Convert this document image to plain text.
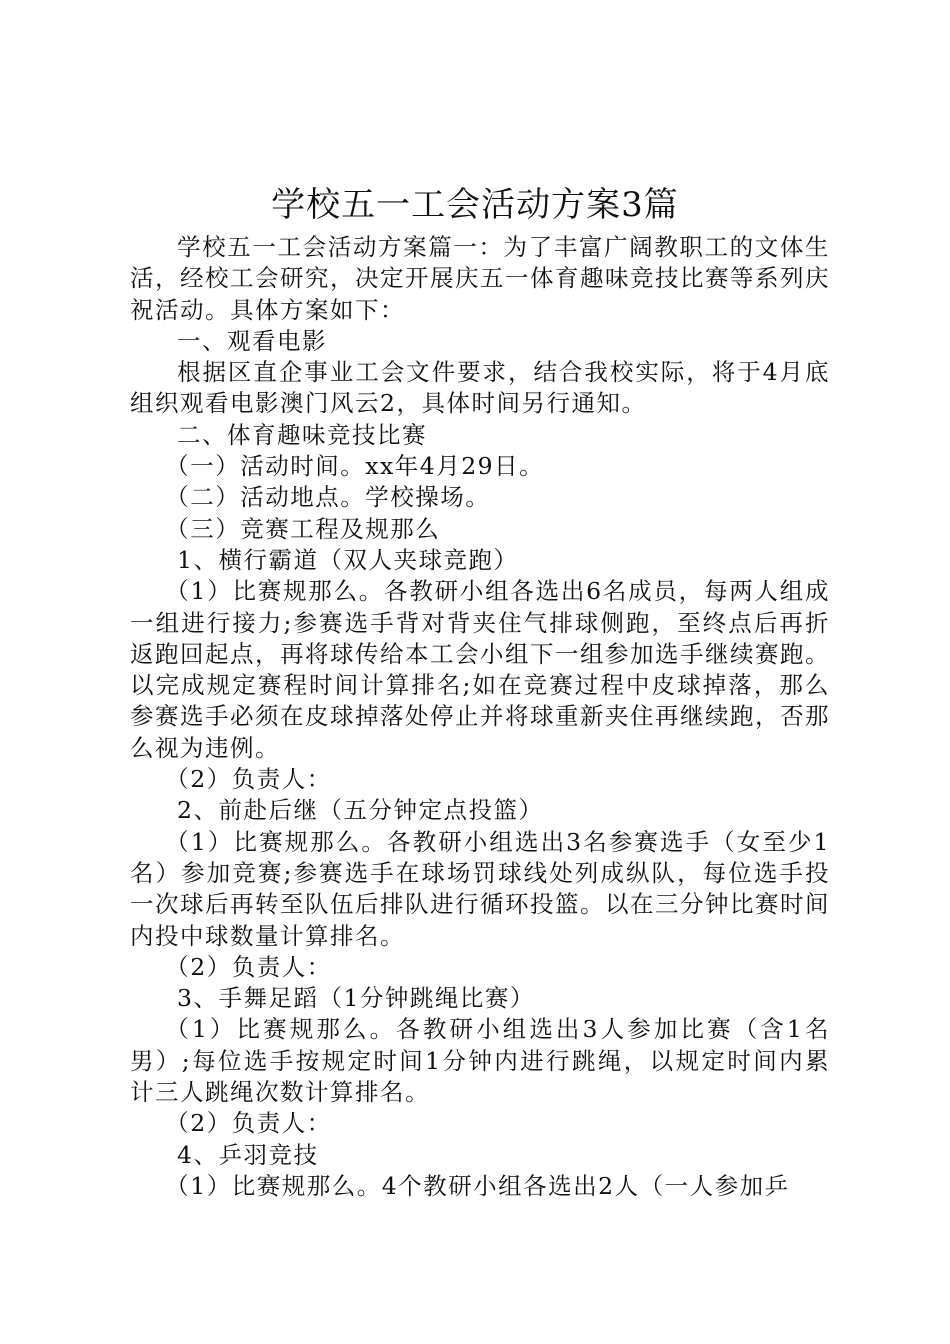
学校五一工会活动方案3篇

学校五一工会活动方案篇一：为了丰富广阔教职工的文体生活，经校工会研究，决定开展庆五一体育趣味竞技比赛等系列庆祝活动。具体方案如下：

一、观看电影

根据区直企事业工会文件要求，结合我校实际，将于4月底组织观看电影澳门风云2，具体时间另行通知。

二、体育趣味竞技比赛

（一）活动时间。xx年4月29日。

（二）活动地点。学校操场。

（三）竞赛工程及规那么

1、横行霸道（双人夹球竞跑）

（1）比赛规那么。各教研小组各选出6名成员，每两人组成一组进行接力;参赛选手背对背夹住气排球侧跑，至终点后再折返跑回起点，再将球传给本工会小组下一组参加选手继续赛跑。以完成规定赛程时间计算排名;如在竞赛过程中皮球掉落，那么参赛选手必须在皮球掉落处停止并将球重新夹住再继续跑，否那么视为违例。

（2）负责人：

2、前赴后继（五分钟定点投篮）

（1）比赛规那么。各教研小组选出3名参赛选手（女至少1名）参加竞赛;参赛选手在球场罚球线处列成纵队，每位选手投一次球后再转至队伍后排队进行循环投篮。以在三分钟比赛时间内投中球数量计算排名。

（2）负责人：

3、手舞足蹈（1分钟跳绳比赛）

（1）比赛规那么。各教研小组选出3人参加比赛（含1名男）;每位选手按规定时间1分钟内进行跳绳，以规定时间内累计三人跳绳次数计算排名。

（2）负责人：

4、乒羽竞技

（1）比赛规那么。4个教研小组各选出2人（一人参加乒
